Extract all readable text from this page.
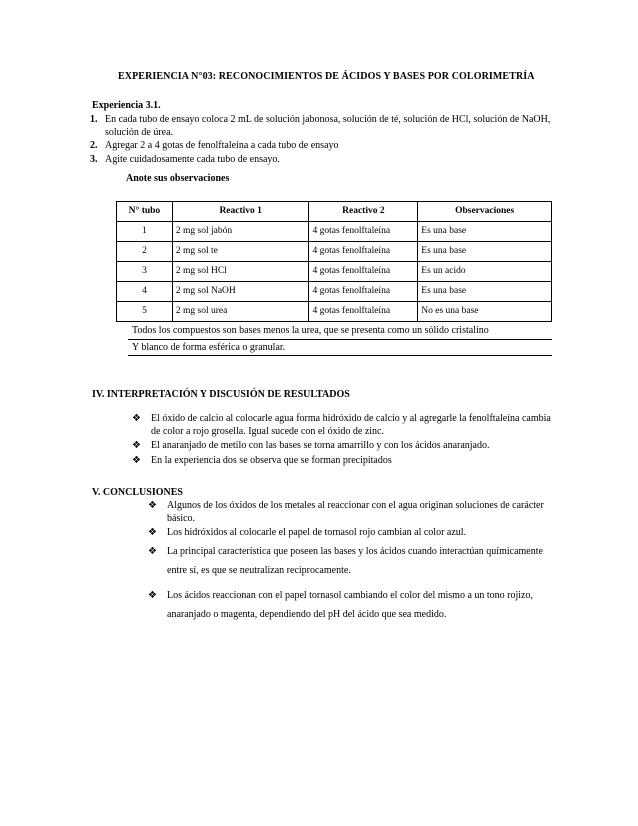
EXPERIENCIA N°03: RECONOCIMIENTOS DE ÁCIDOS Y BASES POR COLORIMETRÍA
Experiencia 3.1.
1. En cada tubo de ensayo coloca 2 mL de solución jabonosa, solución de té, solución de HCl, solución de NaOH, solución de úrea.
2. Agregar 2 a 4 gotas de fenolftaleína a cada tubo de ensayo
3. Agite cuidadosamente cada tubo de ensayo.
Anote sus observaciones
N° tubo	Reactivo 1	Reactivo 2	Observaciones
1	2 mg sol jabón	4 gotas fenolftaleína	Es una base
2	2 mg sol te	4 gotas fenolftaleína	Es una base
3	2 mg sol HCl	4 gotas fenolftaleína	Es un acido
4	2 mg sol NaOH	4 gotas fenolftaleína	Es una base
5	2 mg sol urea	4 gotas fenolftaleína	No es una base
Todos los compuestos son bases menos la urea, que se presenta como un sólido cristalino
Y blanco de forma esférica o granular.
IV. INTERPRETACIÓN Y DISCUSIÓN DE RESULTADOS
❖ El óxido de calcio al colocarle agua forma hidróxido de calcio y al agregarle la fenolftaleína cambia de color a rojo grosella. Igual sucede con el óxido de zinc.
❖ El anaranjado de metilo con las bases se torna amarrillo y con los ácidos anaranjado.
❖ En la experiencia dos se observa que se forman precipitados
V. CONCLUSIONES
❖ Algunos de los óxidos de los metales al reaccionar con el agua originan soluciones de carácter básico.
❖ Los hidróxidos al colocarle el papel de tornasol rojo cambian al color azul.
❖ La principal característica que poseen las bases y los ácidos cuando interactúan químicamente entre sí, es que se neutralizan recíprocamente.
❖ Los ácidos reaccionan con el papel tornasol cambiando el color del mismo a un tono rojizo, anaranjado o magenta, dependiendo del pH del ácido que sea medido.
